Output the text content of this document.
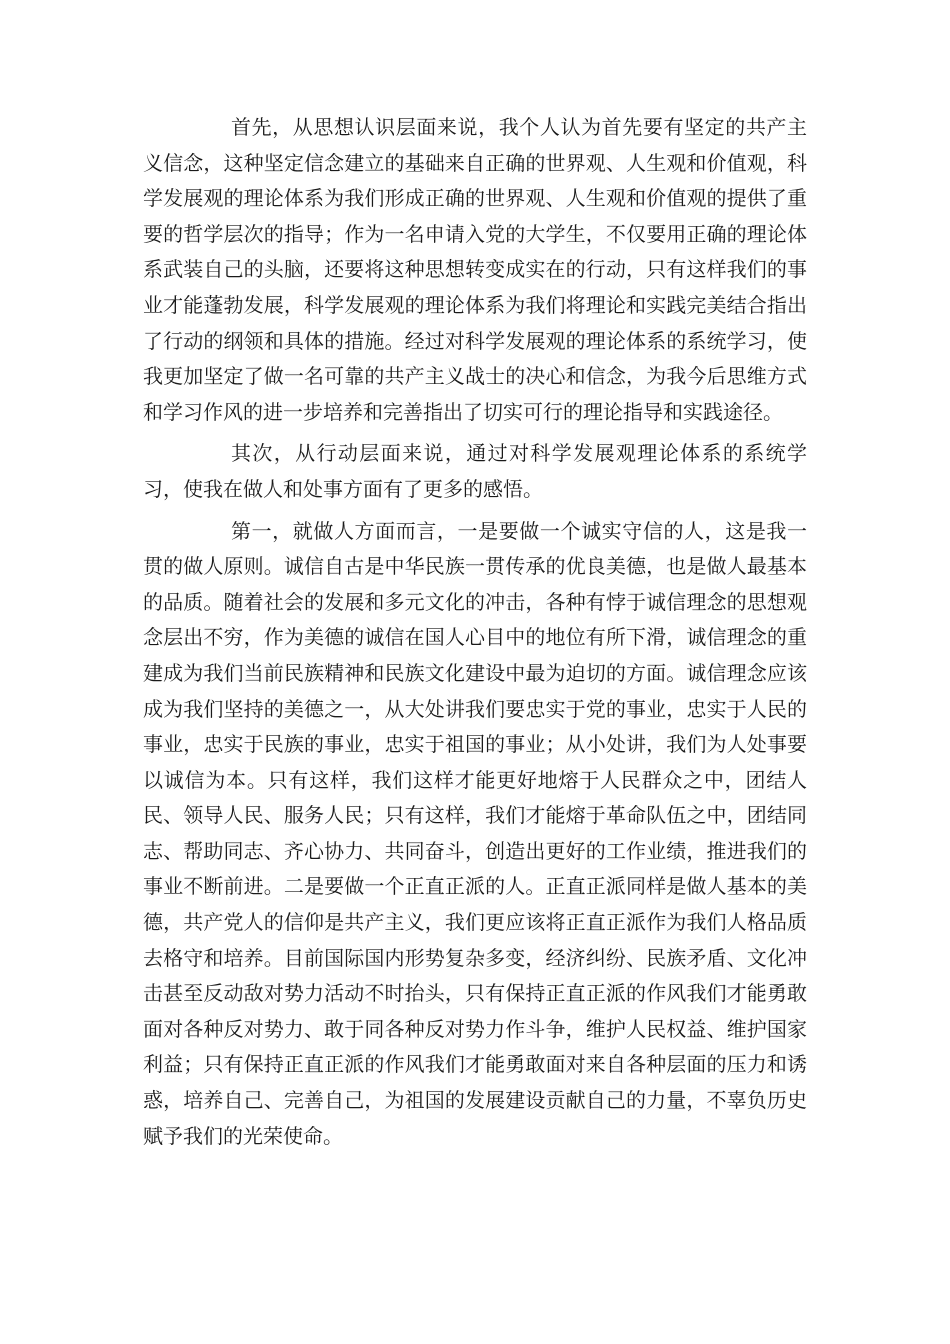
首先，从思想认识层面来说，我个人认为首先要有坚定的共产主义信念，这种坚定信念建立的基础来自正确的世界观、人生观和价值观，科学发展观的理论体系为我们形成正确的世界观、人生观和价值观的提供了重要的哲学层次的指导；作为一名申请入党的大学生，不仅要用正确的理论体系武装自己的头脑，还要将这种思想转变成实在的行动，只有这样我们的事业才能蓬勃发展，科学发展观的理论体系为我们将理论和实践完美结合指出了行动的纲领和具体的措施。经过对科学发展观的理论体系的系统学习，使我更加坚定了做一名可靠的共产主义战士的决心和信念，为我今后思维方式和学习作风的进一步培养和完善指出了切实可行的理论指导和实践途径。

其次，从行动层面来说，通过对科学发展观理论体系的系统学习，使我在做人和处事方面有了更多的感悟。

第一，就做人方面而言，一是要做一个诚实守信的人，这是我一贯的做人原则。诚信自古是中华民族一贯传承的优良美德，也是做人最基本的品质。随着社会的发展和多元文化的冲击，各种有悖于诚信理念的思想观念层出不穷，作为美德的诚信在国人心目中的地位有所下滑，诚信理念的重建成为我们当前民族精神和民族文化建设中最为迫切的方面。诚信理念应该成为我们坚持的美德之一，从大处讲我们要忠实于党的事业，忠实于人民的事业，忠实于民族的事业，忠实于祖国的事业；从小处讲，我们为人处事要以诚信为本。只有这样，我们这样才能更好地熔于人民群众之中，团结人民、领导人民、服务人民；只有这样，我们才能熔于革命队伍之中，团结同志、帮助同志、齐心协力、共同奋斗，创造出更好的工作业绩，推进我们的事业不断前进。二是要做一个正直正派的人。正直正派同样是做人基本的美德，共产党人的信仰是共产主义，我们更应该将正直正派作为我们人格品质去格守和培养。目前国际国内形势复杂多变，经济纠纷、民族矛盾、文化冲击甚至反动敌对势力活动不时抬头，只有保持正直正派的作风我们才能勇敢面对各种反对势力、敢于同各种反对势力作斗争，维护人民权益、维护国家利益；只有保持正直正派的作风我们才能勇敢面对来自各种层面的压力和诱惑，培养自己、完善自己，为祖国的发展建设贡献自己的力量，不辜负历史赋予我们的光荣使命。
